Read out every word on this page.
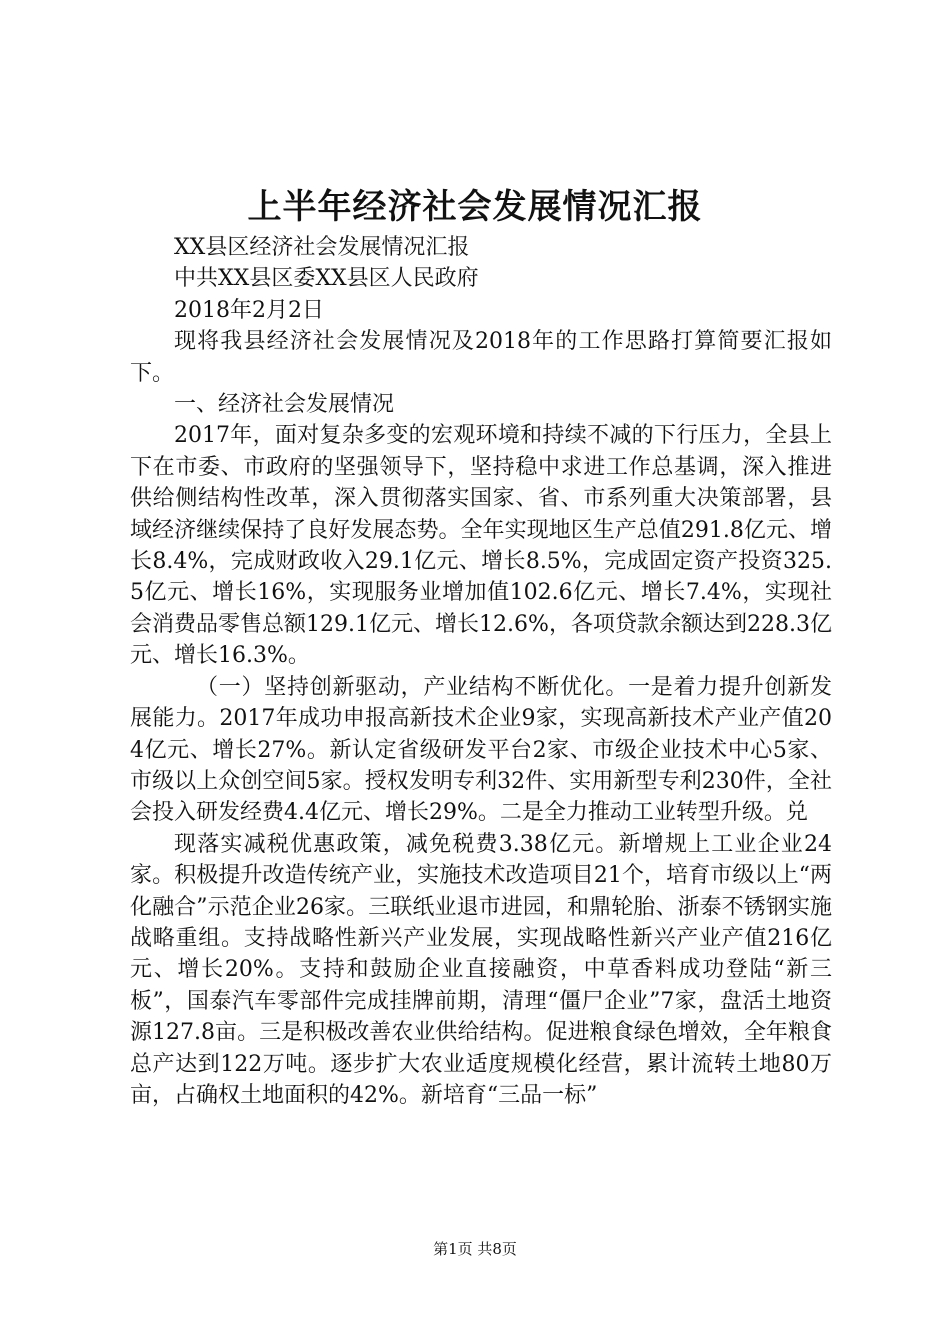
上半年经济社会发展情况汇报

XX县区经济社会发展情况汇报

中共XX县区委XX县区人民政府

2018年2月2日

现将我县经济社会发展情况及2018年的工作思路打算简要汇报如下。

一、经济社会发展情况

2017年，面对复杂多变的宏观环境和持续不减的下行压力，全县上下在市委、市政府的坚强领导下，坚持稳中求进工作总基调，深入推进供给侧结构性改革，深入贯彻落实国家、省、市系列重大决策部署，县域经济继续保持了良好发展态势。全年实现地区生产总值291.8亿元、增长8.4%，完成财政收入29.1亿元、增长8.5%，完成固定资产投资325.5亿元、增长16%，实现服务业增加值102.6亿元、增长7.4%，实现社会消费品零售总额129.1亿元、增长12.6%，各项贷款余额达到228.3亿元、增长16.3%。

（一）坚持创新驱动，产业结构不断优化。一是着力提升创新发展能力。2017年成功申报高新技术企业9家，实现高新技术产业产值204亿元、增长27%。新认定省级研发平台2家、市级企业技术中心5家、市级以上众创空间5家。授权发明专利32件、实用新型专利230件，全社会投入研发经费4.4亿元、增长29%。二是全力推动工业转型升级。兑

现落实减税优惠政策，减免税费3.38亿元。新增规上工业企业24家。积极提升改造传统产业，实施技术改造项目21个，培育市级以上“两化融合”示范企业26家。三联纸业退市进园，和鼎轮胎、浙泰不锈钢实施战略重组。支持战略性新兴产业发展，实现战略性新兴产业产值216亿元、增长20%。支持和鼓励企业直接融资，中草香料成功登陆“新三板”，国泰汽车零部件完成挂牌前期，清理“僵尸企业”7家，盘活土地资源127.8亩。三是积极改善农业供给结构。促进粮食绿色增效，全年粮食总产达到122万吨。逐步扩大农业适度规模化经营，累计流转土地80万亩，占确权土地面积的42%。新培育“三品一标”

第1页 共8页
